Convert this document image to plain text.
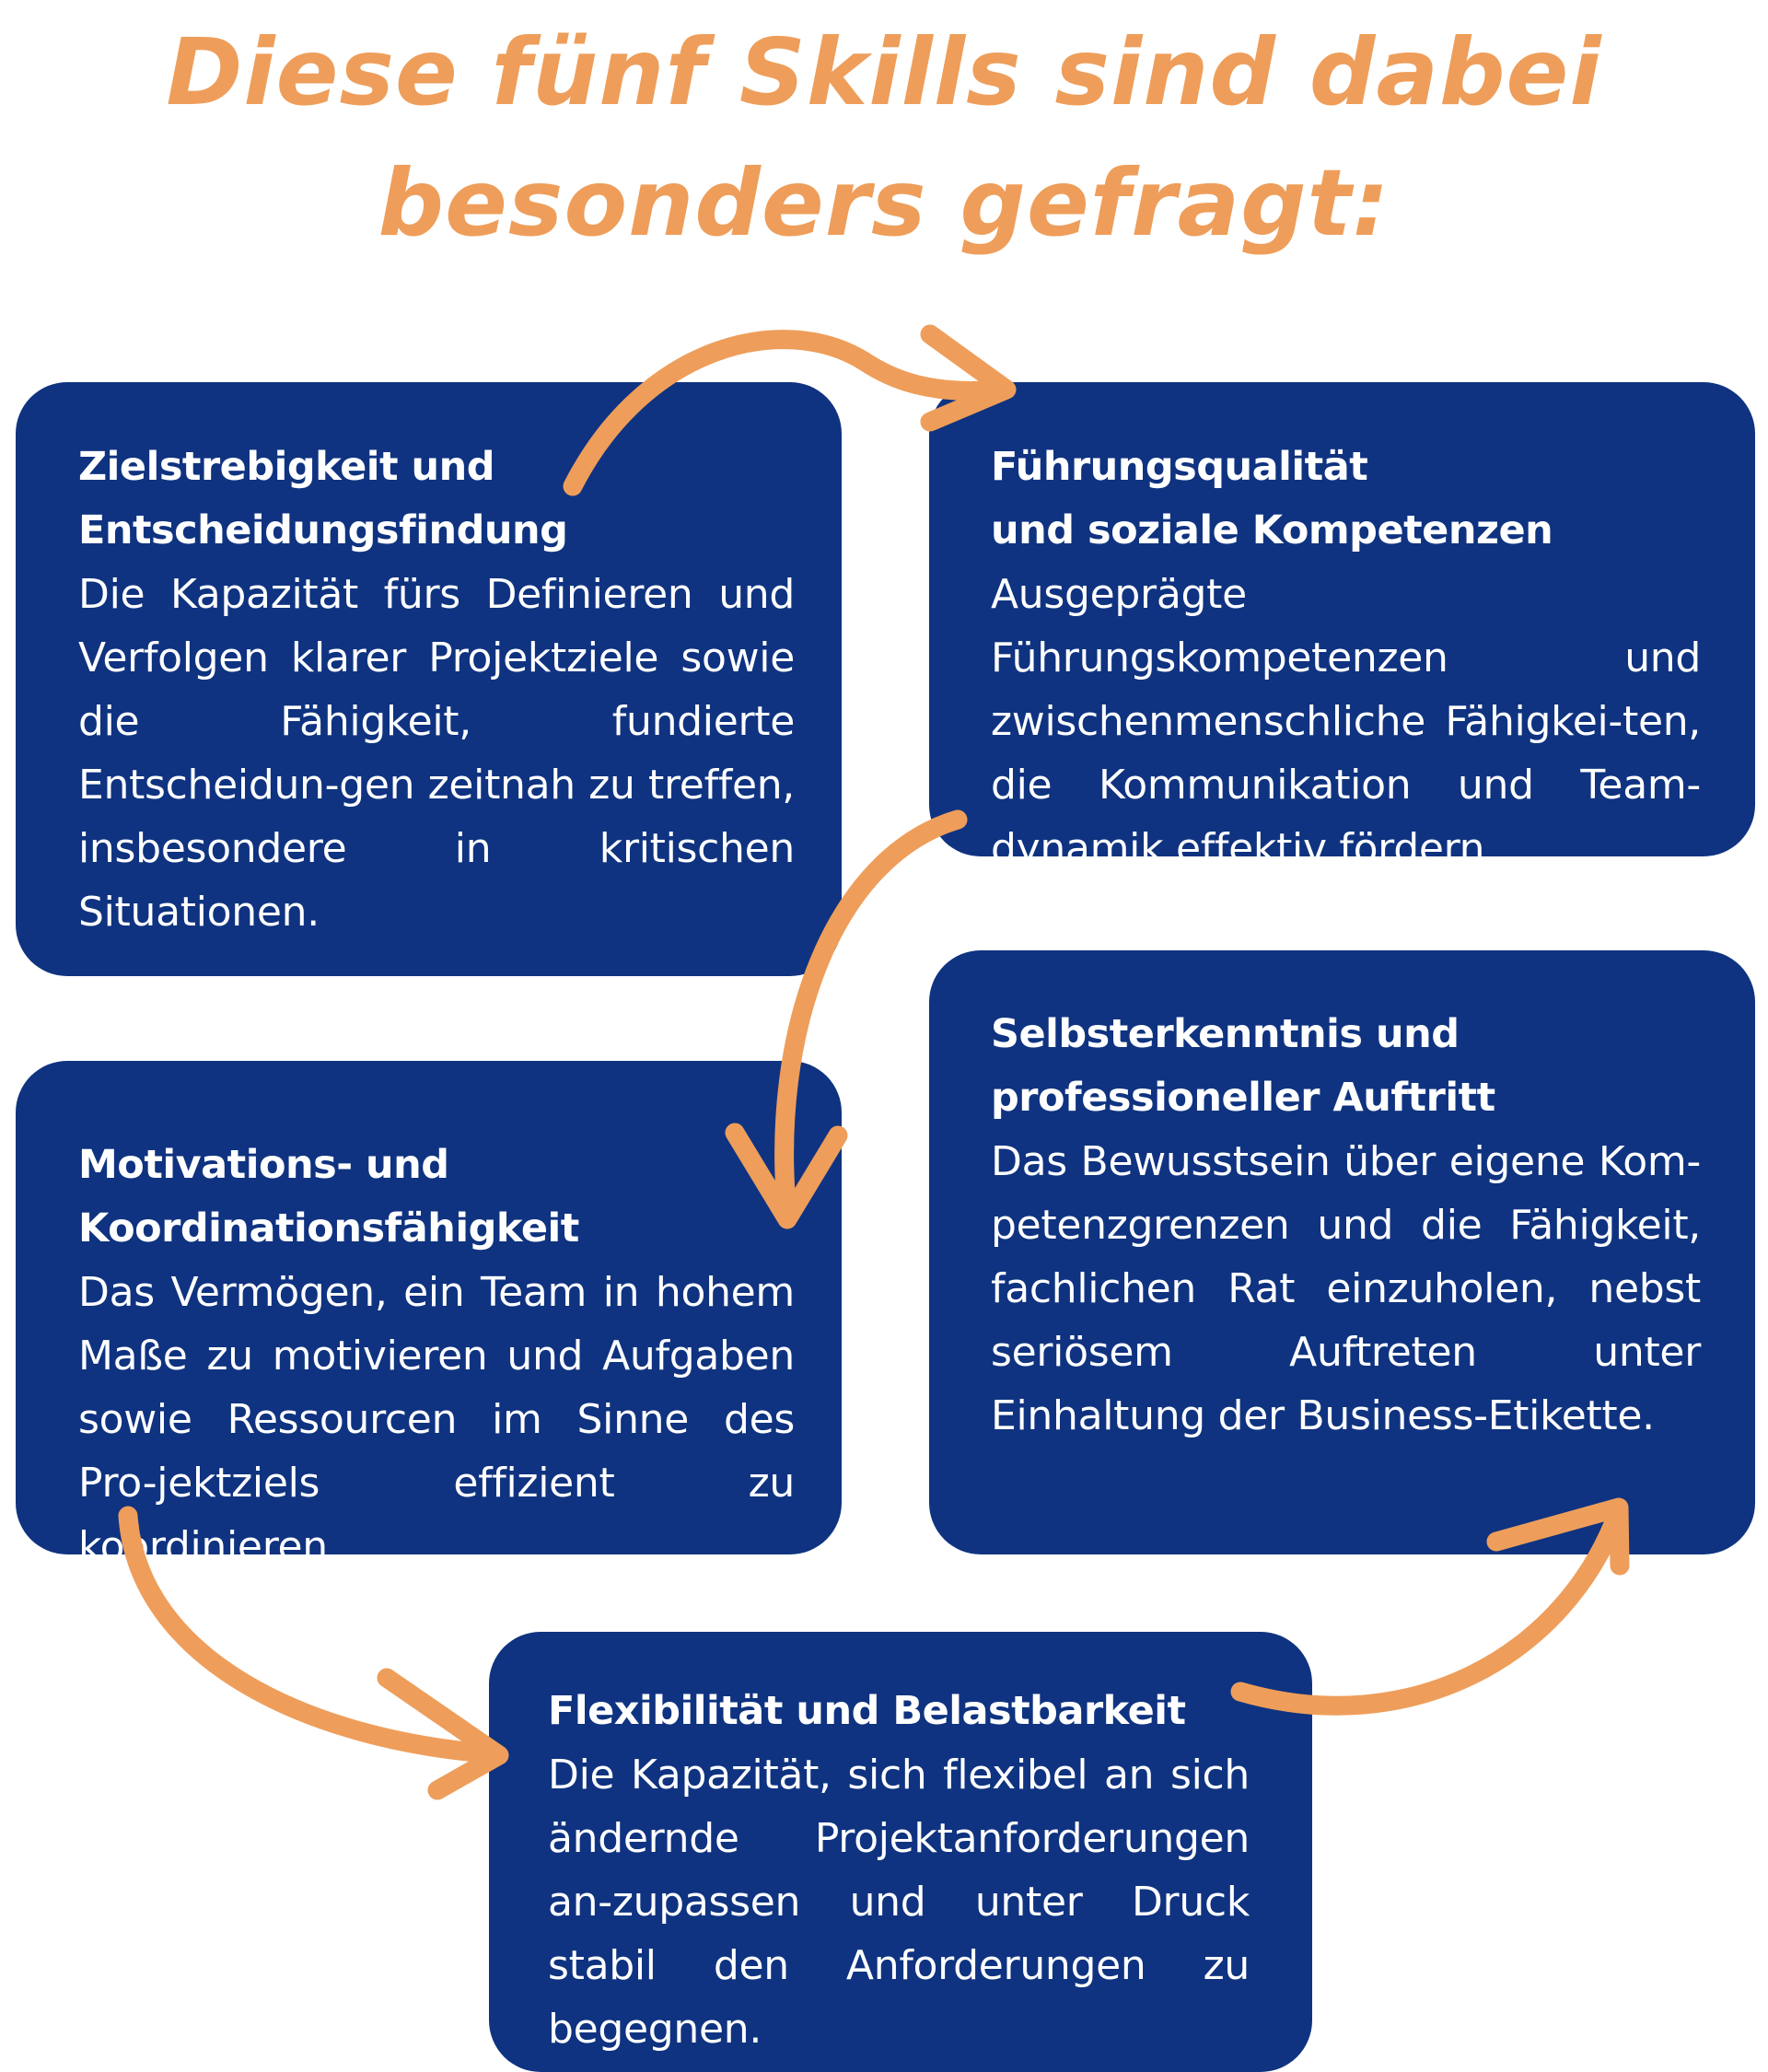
Diese fünf Skills sind dabei
besonders gefragt:
Zielstrebigkeit und
Entscheidungsfindung

Die Kapazität fürs Definieren und Verfolgen klarer Projektziele sowie die Fähigkeit, fundierte Entscheidun-gen zeitnah zu treffen, insbesondere in kritischen Situationen.

Führungsqualität
und soziale Kompetenzen

Ausgeprägte Führungskompetenzen und zwischenmenschliche Fähigkei-ten, die Kommunikation und Team-dynamik effektiv fördern.

Motivations- und
Koordinationsfähigkeit

Das Vermögen, ein Team in hohem Maße zu motivieren und Aufgaben sowie Ressourcen im Sinne des Pro-jektziels effizient zu koordinieren.

Selbsterkenntnis und
professioneller Auftritt

Das Bewusstsein über eigene Kom-petenzgrenzen und die Fähigkeit, fachlichen Rat einzuholen, nebst seriösem Auftreten unter Einhaltung der Business-Etikette.

Flexibilität und Belastbarkeit

Die Kapazität, sich flexibel an sich ändernde Projektanforderungen an-zupassen und unter Druck stabil den Anforderungen zu begegnen.
